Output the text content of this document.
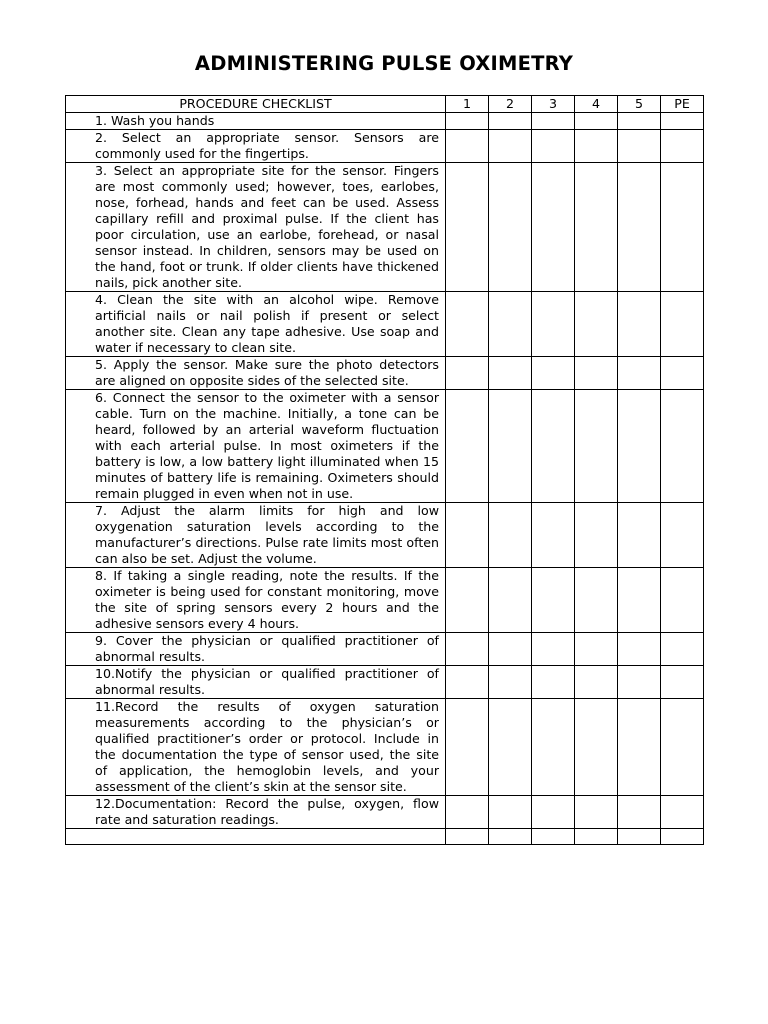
ADMINISTERING PULSE OXIMETRY
PROCEDURE CHECKLIST	1	2	3	4	5	PE
1. Wash you hands						
2. Select an appropriate sensor. Sensors are commonly used for the fingertips.						
3. Select an appropriate site for the sensor. Fingers are most commonly used; however, toes, earlobes, nose, forhead, hands and feet can be used. Assess capillary refill and proximal pulse. If the client has poor circulation, use an earlobe, forehead, or nasal sensor instead. In children, sensors may be used on the hand, foot or trunk. If older clients have thickened nails, pick another site.						
4. Clean the site with an alcohol wipe. Remove artificial nails or nail polish if present or select another site. Clean any tape adhesive. Use soap and water if necessary to clean site.						
5. Apply the sensor. Make sure the photo detectors are aligned on opposite sides of the selected site.						
6. Connect the sensor to the oximeter with a sensor cable. Turn on the machine. Initially, a tone can be heard, followed by an arterial waveform fluctuation with each arterial pulse. In most oximeters if the battery is low, a low battery light illuminated when 15 minutes of battery life is remaining. Oximeters should remain plugged in even when not in use.						
7. Adjust the alarm limits for high and low oxygenation saturation levels according to the manufacturer’s directions. Pulse rate limits most often can also be set. Adjust the volume.						
8. If taking a single reading, note the results. If the oximeter is being used for constant monitoring, move the site of spring sensors every 2 hours and the adhesive sensors every 4 hours.						
9. Cover the physician or qualified practitioner of abnormal results.						
10.Notify the physician or qualified practitioner of abnormal results.						
11.Record the results of oxygen saturation measurements according to the physician’s or qualified practitioner’s order or protocol. Include in the documentation the type of sensor used, the site of application, the hemoglobin levels, and your assessment of the client’s skin at the sensor site.						
12.Documentation: Record the pulse, oxygen, flow rate and saturation readings.						
